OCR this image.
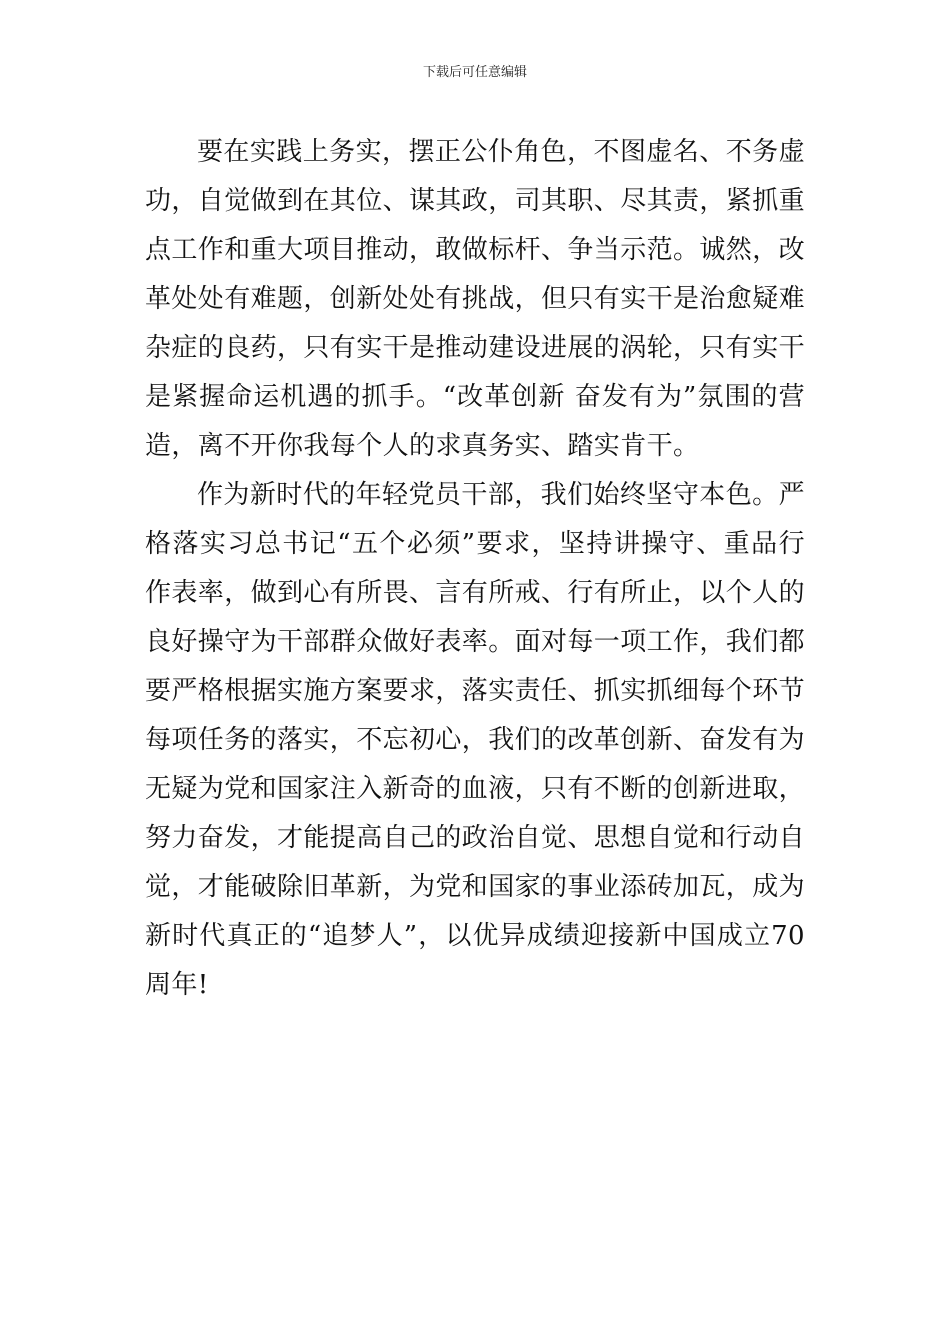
下载后可任意编辑

要在实践上务实，摆正公仆角色，不图虚名、不务虚功，自觉做到在其位、谋其政，司其职、尽其责，紧抓重点工作和重大项目推动，敢做标杆、争当示范。诚然，改革处处有难题，创新处处有挑战，但只有实干是治愈疑难杂症的良药，只有实干是推动建设进展的涡轮，只有实干是紧握命运机遇的抓手。“改革创新 奋发有为”氛围的营造，离不开你我每个人的求真务实、踏实肯干。

作为新时代的年轻党员干部，我们始终坚守本色。严格落实习总书记“五个必须”要求，坚持讲操守、重品行作表率，做到心有所畏、言有所戒、行有所止，以个人的良好操守为干部群众做好表率。面对每一项工作，我们都要严格根据实施方案要求，落实责任、抓实抓细每个环节每项任务的落实，不忘初心，我们的改革创新、奋发有为无疑为党和国家注入新奇的血液，只有不断的创新进取，努力奋发，才能提高自己的政治自觉、思想自觉和行动自觉，才能破除旧革新，为党和国家的事业添砖加瓦，成为新时代真正的“追梦人”，以优异成绩迎接新中国成立70周年!
